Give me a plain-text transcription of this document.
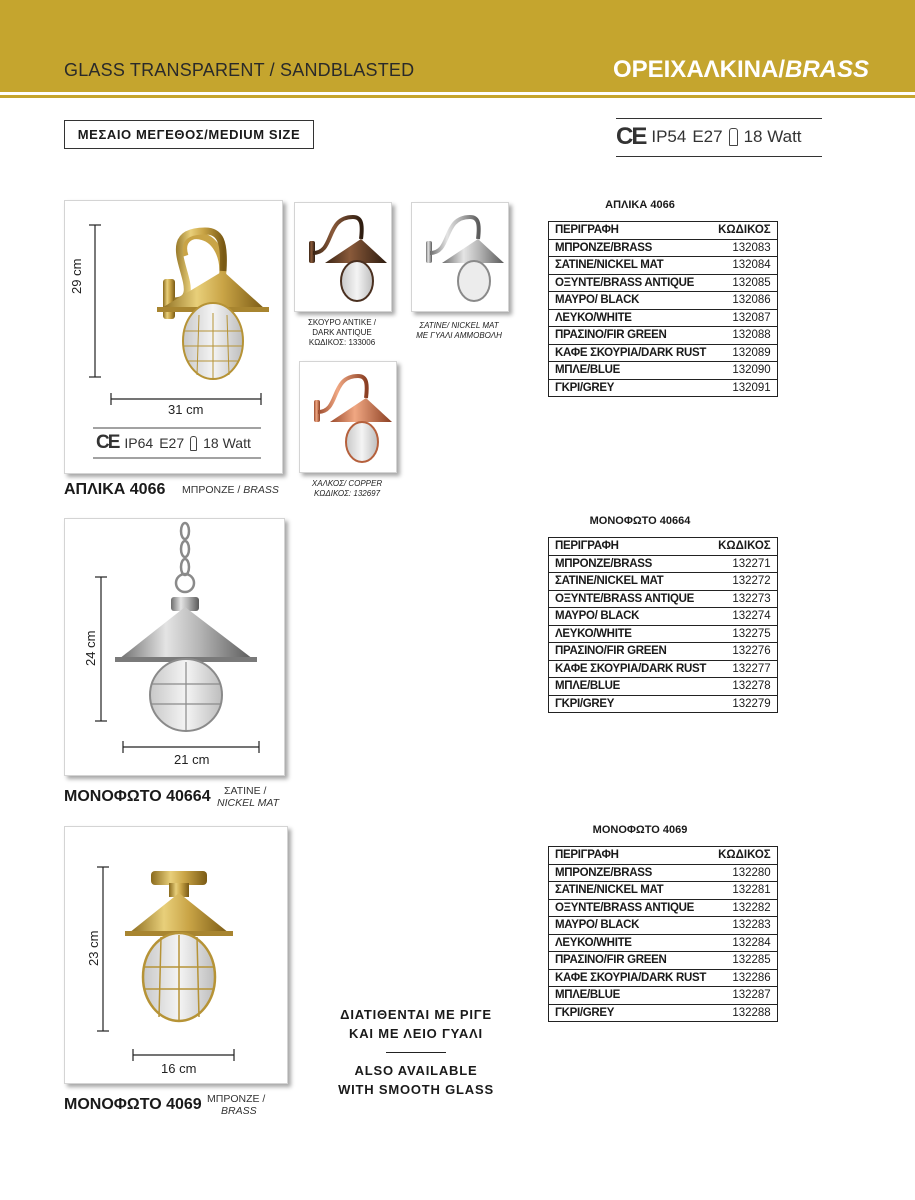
GLASS TRANSPARENT / SANDBLASTED	ΟΡΕΙΧΑΛΚΙΝΑ/BRASS
ΜΕΣΑΙΟ ΜΕΓΕΘΟΣ/MEDIUM SIZE	CE IP54 E27 18 Watt
29 cm
31 cm
CE IP64 E27 18 Watt
ΑΠΛΙΚΑ 4066 ΜΠΡΟΝΖΕ / BRASS
ΣΚΟΥΡΟ ΑΝΤΙΚΕ /
DARK ANTIQUE
ΚΩΔΙΚΟΣ: 133006
ΣΑΤΙΝΕ/ NICKEL MAT
ΜΕ ΓΥΑΛΙ ΑΜΜΟΒΟΛΗ
ΧΑΛΚΟΣ/ COPPER
ΚΩΔΙΚΟΣ: 132697
24 cm
21 cm
ΜΟΝΟΦΩΤΟ 40664	ΣΑΤΙΝΕ /
NICKEL MAT
23 cm
16 cm
ΜΟΝΟΦΩΤΟ 4069 ΜΠΡΟΝΖΕ /
BRASS
ΔΙΑΤΙΘΕΝΤΑΙ ΜΕ ΡΙΓΕ
ΚΑΙ ΜΕ ΛΕΙΟ ΓΥΑΛΙ
ALSO AVAILABLE
WITH SMOOTH GLASS
ΑΠΛΙΚΑ 4066
ΠΕΡΙΓΡΑΦΗ	ΚΩΔΙΚΟΣ
ΜΠΡΟΝΖΕ/BRASS	132083
ΣΑΤΙΝΕ/NICKEL MAT	132084
ΟΞΥΝΤΕ/BRASS ANTIQUE	132085
ΜΑΥΡΟ/ BLACK	132086
ΛΕΥΚΟ/WHITE	132087
ΠΡΑΣΙΝΟ/FIR GREEN	132088
ΚΑΦΕ ΣΚΟΥΡΙΑ/DARK RUST	132089
ΜΠΛΕ/BLUE	132090
ΓΚΡΙ/GREY	132091
ΜΟΝΟΦΩΤΟ 40664
ΠΕΡΙΓΡΑΦΗ	ΚΩΔΙΚΟΣ
ΜΠΡΟΝΖΕ/BRASS	132271
ΣΑΤΙΝΕ/NICKEL MAT	132272
ΟΞΥΝΤΕ/BRASS ANTIQUE	132273
ΜΑΥΡΟ/ BLACK	132274
ΛΕΥΚΟ/WHITE	132275
ΠΡΑΣΙΝΟ/FIR GREEN	132276
ΚΑΦΕ ΣΚΟΥΡΙΑ/DARK RUST	132277
ΜΠΛΕ/BLUE	132278
ΓΚΡΙ/GREY	132279
ΜΟΝΟΦΩΤΟ 4069
ΠΕΡΙΓΡΑΦΗ	ΚΩΔΙΚΟΣ
ΜΠΡΟΝΖΕ/BRASS	132280
ΣΑΤΙΝΕ/NICKEL MAT	132281
ΟΞΥΝΤΕ/BRASS ANTIQUE	132282
ΜΑΥΡΟ/ BLACK	132283
ΛΕΥΚΟ/WHITE	132284
ΠΡΑΣΙΝΟ/FIR GREEN	132285
ΚΑΦΕ ΣΚΟΥΡΙΑ/DARK RUST	132286
ΜΠΛΕ/BLUE	132287
ΓΚΡΙ/GREY	132288
